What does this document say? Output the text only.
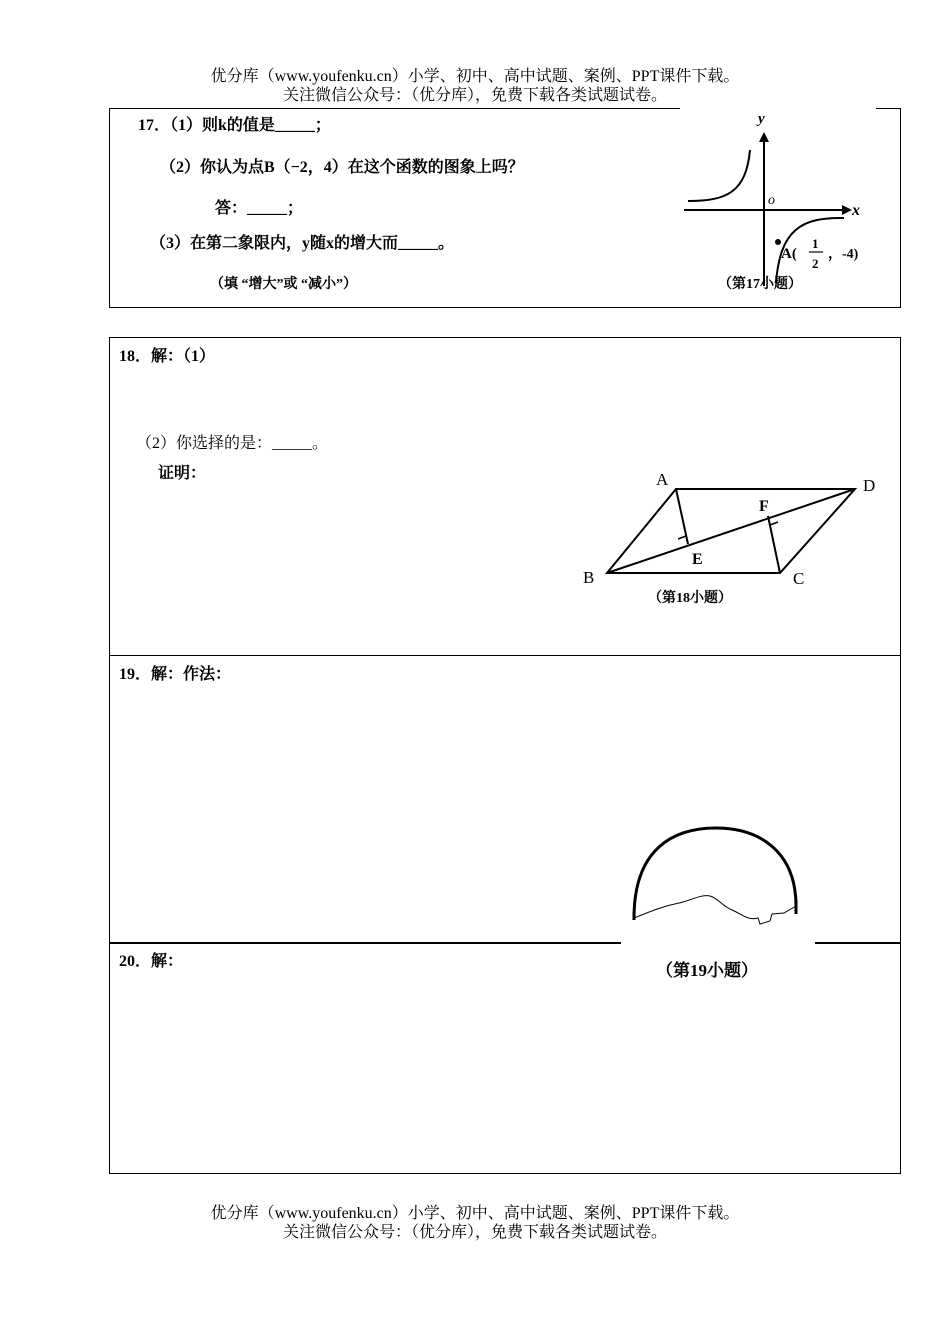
优分库（www.youfenku.cn）小学、初中、高中试题、案例、PPT课件下载。
关注微信公众号：（优分库），免费下载各类试题试卷。
17．（1）则k的值是_____；
（2）你认为点B（−2，4）在这个函数的图象上吗？
答：_____；
（3）在第二象限内，y随x的增大而_____。
（填 “增大”或 “减小”）
x
y
o
A(
1
2
，-4)
（第17小题）
18．解：（1）
（2）你选择的是：_____。
证明：	A
B	C
D
E
F
（第18小题）
19．解：作法：
20．解：	（第19小题）
优分库（www.youfenku.cn）小学、初中、高中试题、案例、PPT课件下载。
关注微信公众号：（优分库），免费下载各类试题试卷。
